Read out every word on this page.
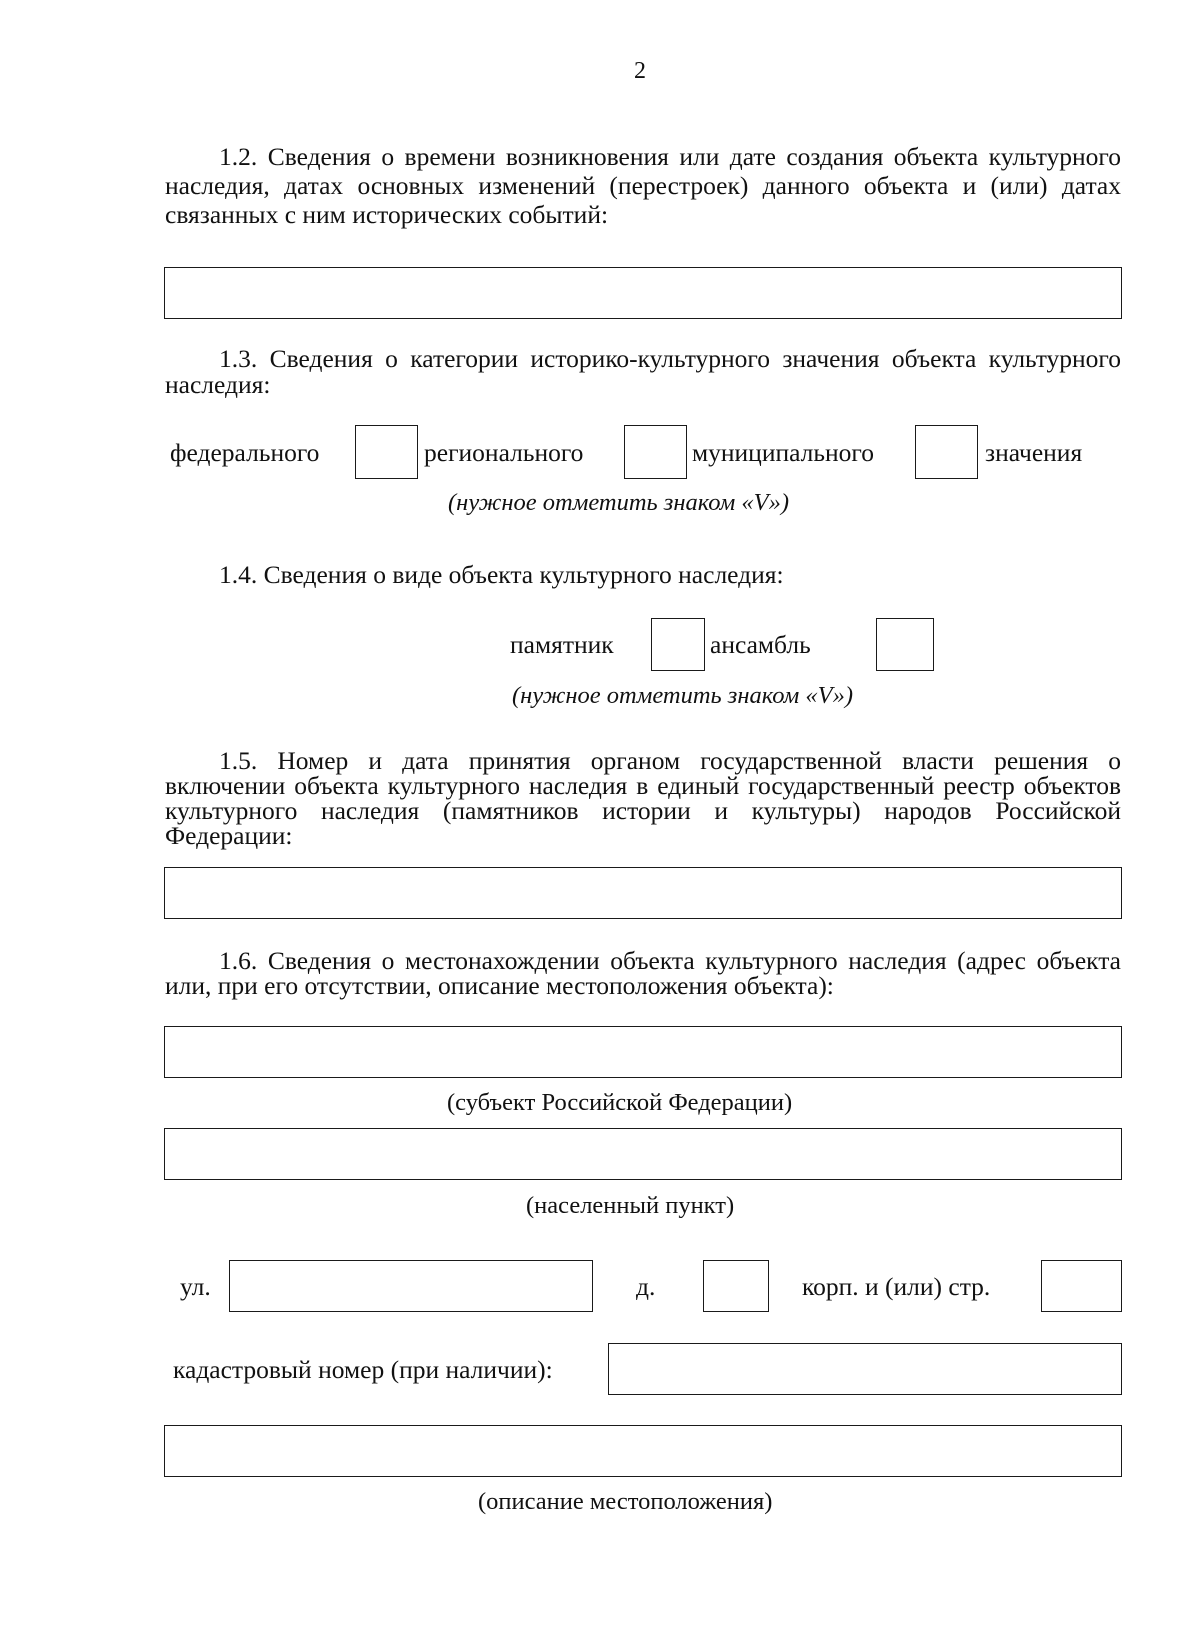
2

1.2. Сведения о времени возникновения или дате создания объекта культурного наследия, датах основных изменений (перестроек) данного объекта и (или) датах связанных с ним исторических событий:

1.3. Сведения о категории историко-культурного значения объекта культурного наследия:

федерального	регионального	муниципального	значения
(нужное отметить знаком «V»)

1.4. Сведения о виде объекта культурного наследия:

памятник	ансамбль
(нужное отметить знаком «V»)

1.5. Номер и дата принятия органом государственной власти решения о включении объекта культурного наследия в единый государственный реестр объектов культурного наследия (памятников истории и культуры) народов Российской Федерации:

1.6. Сведения о местонахождении объекта культурного наследия (адрес объекта или, при его отсутствии, описание местоположения объекта):

(субъект Российской Федерации)
(населенный пункт)
ул.	д.	корп. и (или) стр.
кадастровый номер (при наличии):
(описание местоположения)
